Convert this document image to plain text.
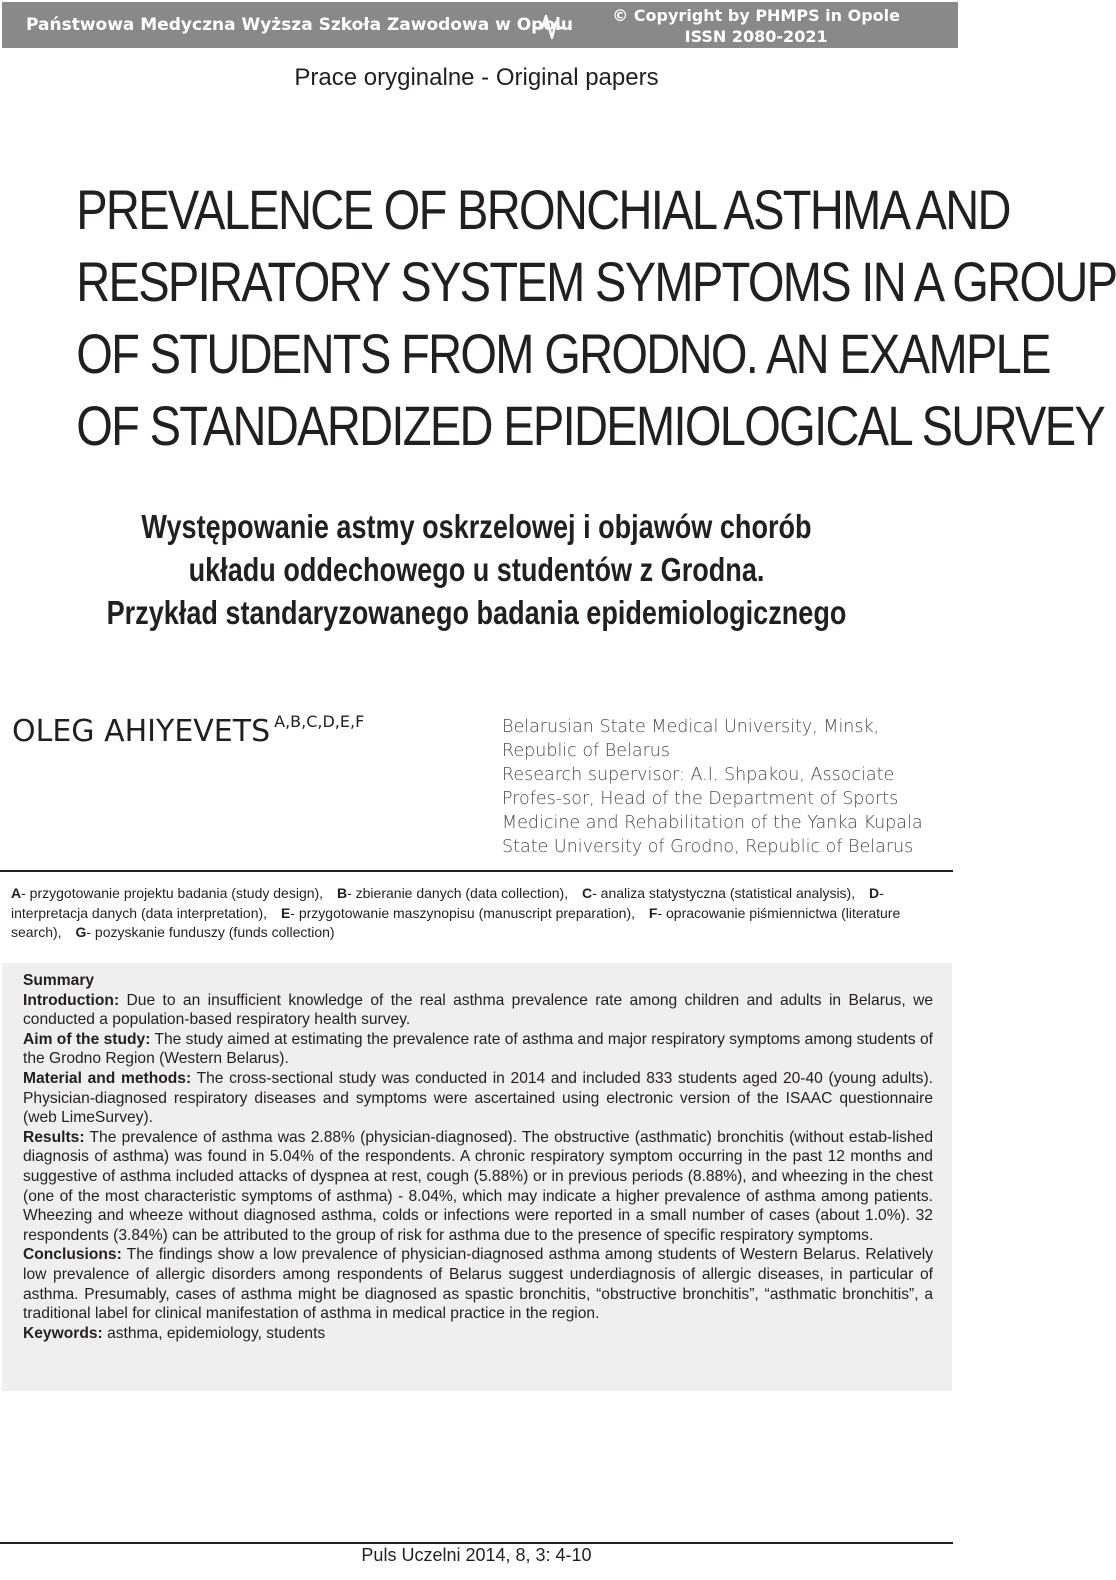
Państwowa Medyczna Wyższa Szkoła Zawodowa w Opolu © Copyright by PHMPS in Opole
ISSN 2080-2021
Prace oryginalne - Original papers
PREVALENCE OF BRONCHIAL ASTHMA AND
RESPIRATORY SYSTEM SYMPTOMS IN A GROUP
OF STUDENTS FROM GRODNO. AN EXAMPLE
OF STANDARDIZED EPIDEMIOLOGICAL SURVEY
Występowanie astmy oskrzelowej i objawów chorób
układu oddechowego u studentów z Grodna.
Przykład standaryzowanego badania epidemiologicznego
OLEG AHIYEVETS $^{A,B,C,D,E,F}$	Belarusian State Medical University, Minsk, Republic of Belarus

Research supervisor: A.I. Shpakou, Associate Profes-sor, Head of the Department of Sports Medicine and Rehabilitation of the Yanka Kupala State University of Grodno, Republic of Belarus

A- przygotowanie projektu badania (study design), B- zbieranie danych (data collection), C- analiza statystyczna (statistical analysis), D- interpretacja danych (data interpretation), E- przygotowanie maszynopisu (manuscript preparation), F- opracowanie piśmiennictwa (literature search), G- pozyskanie funduszy (funds collection)

Summary

Introduction: Due to an insufficient knowledge of the real asthma prevalence rate among children and adults in Belarus, we conducted a population-based respiratory health survey.

Aim of the study: The study aimed at estimating the prevalence rate of asthma and major respiratory symptoms among students of the Grodno Region (Western Belarus).

Material and methods: The cross-sectional study was conducted in 2014 and included 833 students aged 20-40 (young adults). Physician-diagnosed respiratory diseases and symptoms were ascertained using electronic version of the ISAAC questionnaire (web LimeSurvey).

Results: The prevalence of asthma was 2.88% (physician-diagnosed). The obstructive (asthmatic) bronchitis (without estab-lished diagnosis of asthma) was found in 5.04% of the respondents. A chronic respiratory symptom occurring in the past 12 months and suggestive of asthma included attacks of dyspnea at rest, cough (5.88%) or in previous periods (8.88%), and wheezing in the chest (one of the most characteristic symptoms of asthma) - 8.04%, which may indicate a higher prevalence of asthma among patients. Wheezing and wheeze without diagnosed asthma, colds or infections were reported in a small number of cases (about 1.0%). 32 respondents (3.84%) can be attributed to the group of risk for asthma due to the presence of specific respiratory symptoms.

Conclusions: The findings show a low prevalence of physician-diagnosed asthma among students of Western Belarus. Relatively low prevalence of allergic disorders among respondents of Belarus suggest underdiagnosis of allergic diseases, in particular of asthma. Presumably, cases of asthma might be diagnosed as spastic bronchitis, “obstructive bronchitis”, “asthmatic bronchitis”, a traditional label for clinical manifestation of asthma in medical practice in the region.

Keywords: asthma, epidemiology, students

Puls Uczelni 2014, 8, 3: 4-10
